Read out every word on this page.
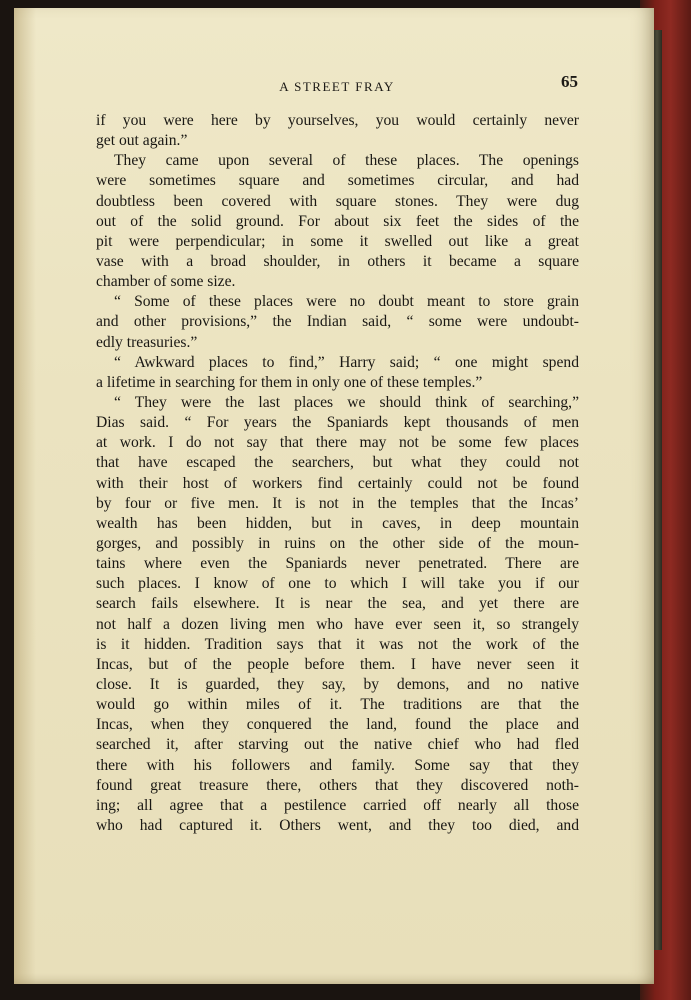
A STREET FRAY	65
if you were here by yourselves, you would certainly never
get out again.”
They came upon several of these places. The openings
were sometimes square and sometimes circular, and had
doubtless been covered with square stones. They were dug
out of the solid ground. For about six feet the sides of the
pit were perpendicular; in some it swelled out like a great
vase with a broad shoulder, in others it became a square
chamber of some size.
“ Some of these places were no doubt meant to store grain
and other provisions,” the Indian said, “ some were undoubt-
edly treasuries.”
“ Awkward places to find,” Harry said; “ one might spend
a lifetime in searching for them in only one of these temples.”
“ They were the last places we should think of searching,”
Dias said. “ For years the Spaniards kept thousands of men
at work. I do not say that there may not be some few places
that have escaped the searchers, but what they could not
with their host of workers find certainly could not be found
by four or five men. It is not in the temples that the Incas’
wealth has been hidden, but in caves, in deep mountain
gorges, and possibly in ruins on the other side of the moun-
tains where even the Spaniards never penetrated. There are
such places. I know of one to which I will take you if our
search fails elsewhere. It is near the sea, and yet there are
not half a dozen living men who have ever seen it, so strangely
is it hidden. Tradition says that it was not the work of the
Incas, but of the people before them. I have never seen it
close. It is guarded, they say, by demons, and no native
would go within miles of it. The traditions are that the
Incas, when they conquered the land, found the place and
searched it, after starving out the native chief who had fled
there with his followers and family. Some say that they
found great treasure there, others that they discovered noth-
ing; all agree that a pestilence carried off nearly all those
who had captured it. Others went, and they too died, and
